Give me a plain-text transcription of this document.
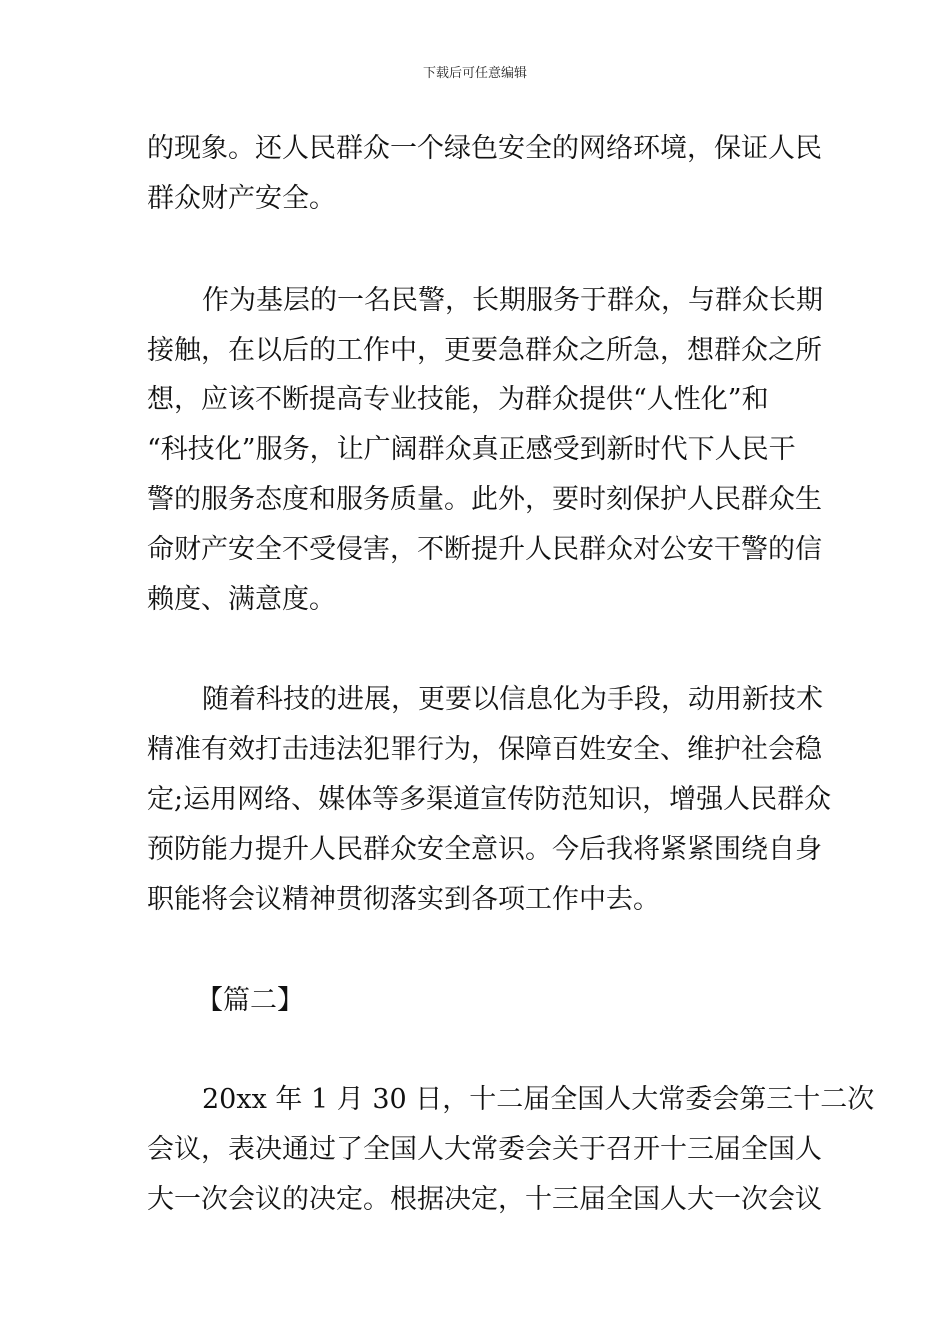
下载后可任意编辑
的现象。还人民群众一个绿色安全的网络环境，保证人民
群众财产安全。
作为基层的一名民警，长期服务于群众，与群众长期
接触，在以后的工作中，更要急群众之所急，想群众之所
想，应该不断提高专业技能，为群众提供“人性化”和
“科技化”服务，让广阔群众真正感受到新时代下人民干
警的服务态度和服务质量。此外，要时刻保护人民群众生
命财产安全不受侵害，不断提升人民群众对公安干警的信
赖度、满意度。
随着科技的进展，更要以信息化为手段，动用新技术
精准有效打击违法犯罪行为，保障百姓安全、维护社会稳
定;运用网络、媒体等多渠道宣传防范知识，增强人民群众
预防能力提升人民群众安全意识。今后我将紧紧围绕自身
职能将会议精神贯彻落实到各项工作中去。
【篇二】
20xx 年 1 月 30 日，十二届全国人大常委会第三十二次
会议，表决通过了全国人大常委会关于召开十三届全国人
大一次会议的决定。根据决定，十三届全国人大一次会议
